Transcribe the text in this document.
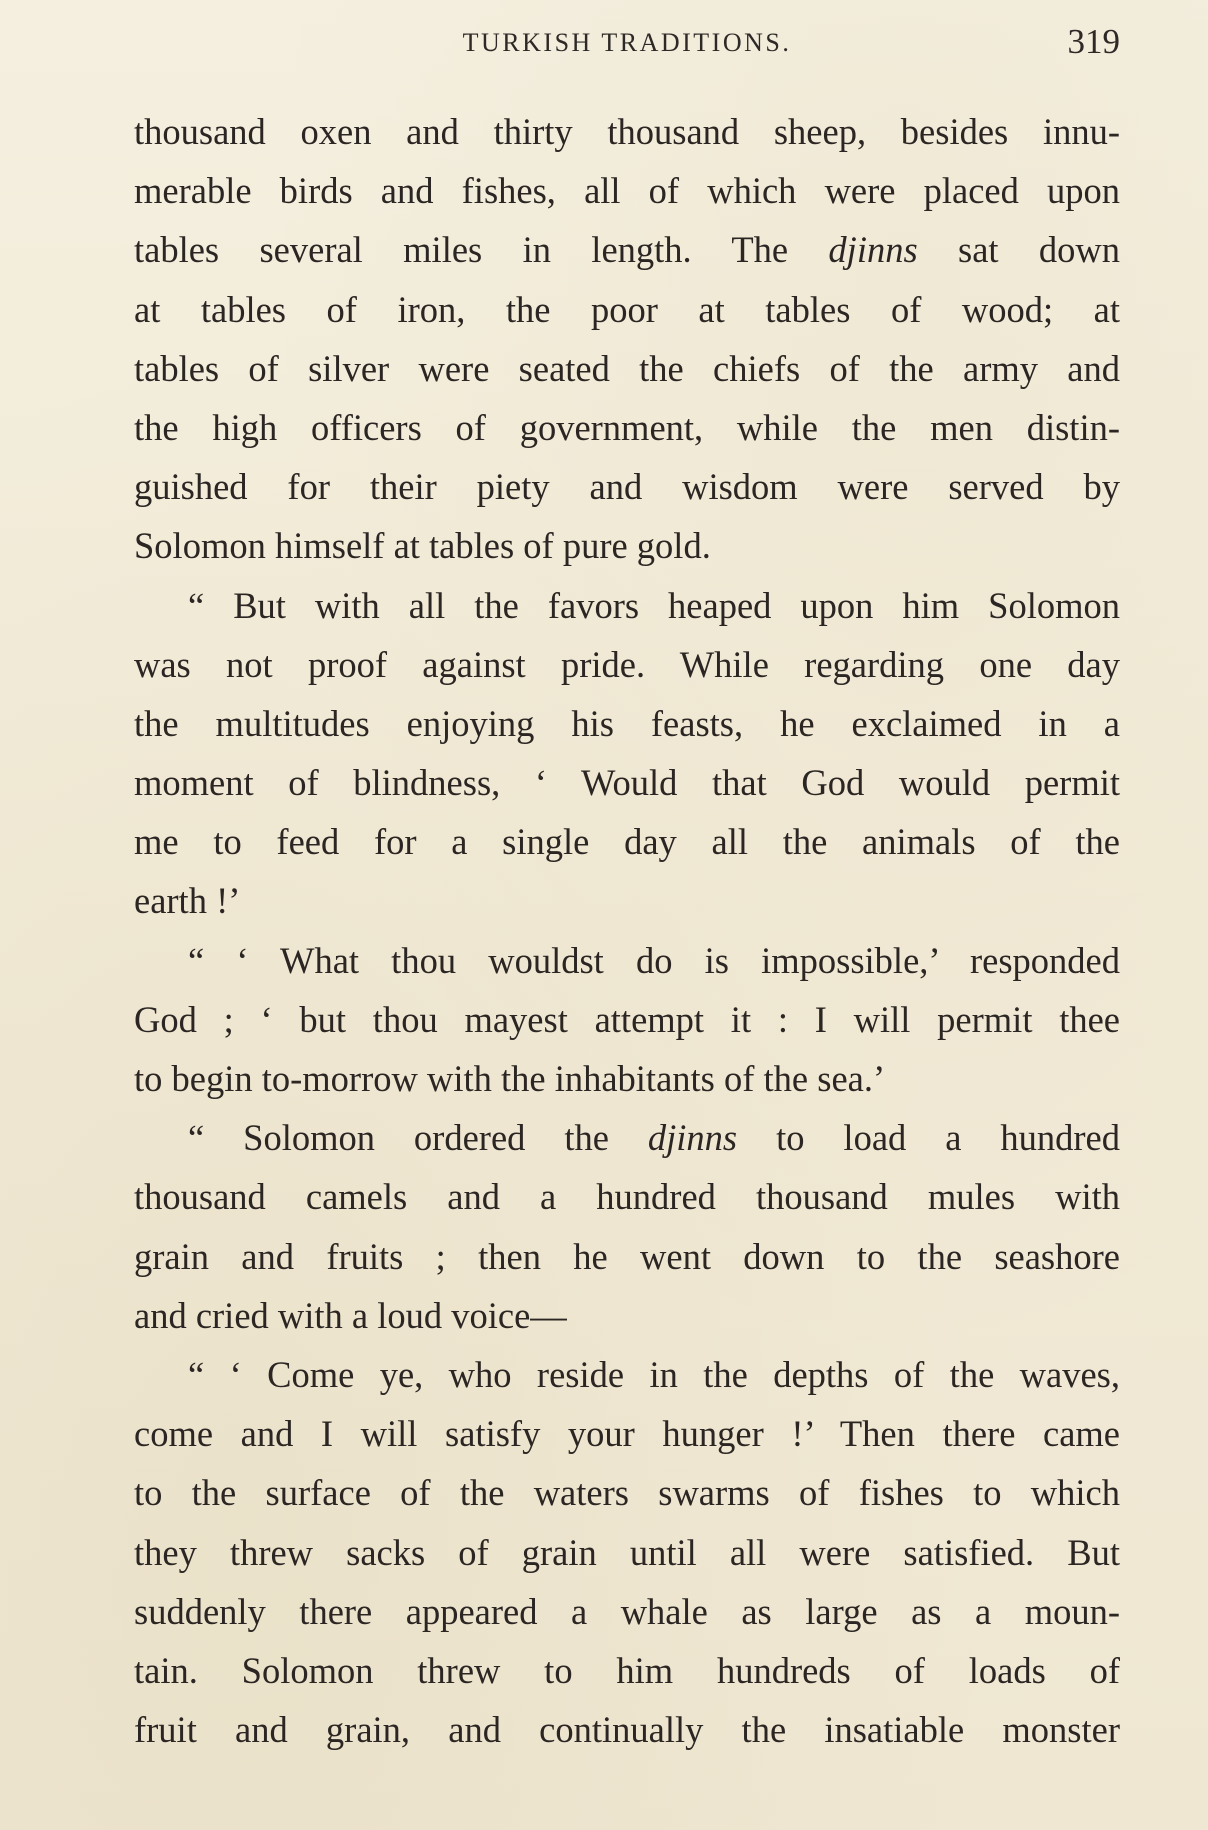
TURKISH TRADITIONS.	319
thousand oxen and thirty thousand sheep, besides innu-
merable birds and fishes, all of which were placed upon
tables several miles in length. The djinns sat down
at tables of iron, the poor at tables of wood; at
tables of silver were seated the chiefs of the army and
the high officers of government, while the men distin-
guished for their piety and wisdom were served by
Solomon himself at tables of pure gold.
“ But with all the favors heaped upon him Solomon
was not proof against pride. While regarding one day
the multitudes enjoying his feasts, he exclaimed in a
moment of blindness, ‘ Would that God would permit
me to feed for a single day all the animals of the
earth !’
“ ‘ What thou wouldst do is impossible,’ responded
God ; ‘ but thou mayest attempt it : I will permit thee
to begin to-morrow with the inhabitants of the sea.’
“ Solomon ordered the djinns to load a hundred
thousand camels and a hundred thousand mules with
grain and fruits ; then he went down to the seashore
and cried with a loud voice—
“ ‘ Come ye, who reside in the depths of the waves,
come and I will satisfy your hunger !’ Then there came
to the surface of the waters swarms of fishes to which
they threw sacks of grain until all were satisfied. But
suddenly there appeared a whale as large as a moun-
tain. Solomon threw to him hundreds of loads of
fruit and grain, and continually the insatiable monster
